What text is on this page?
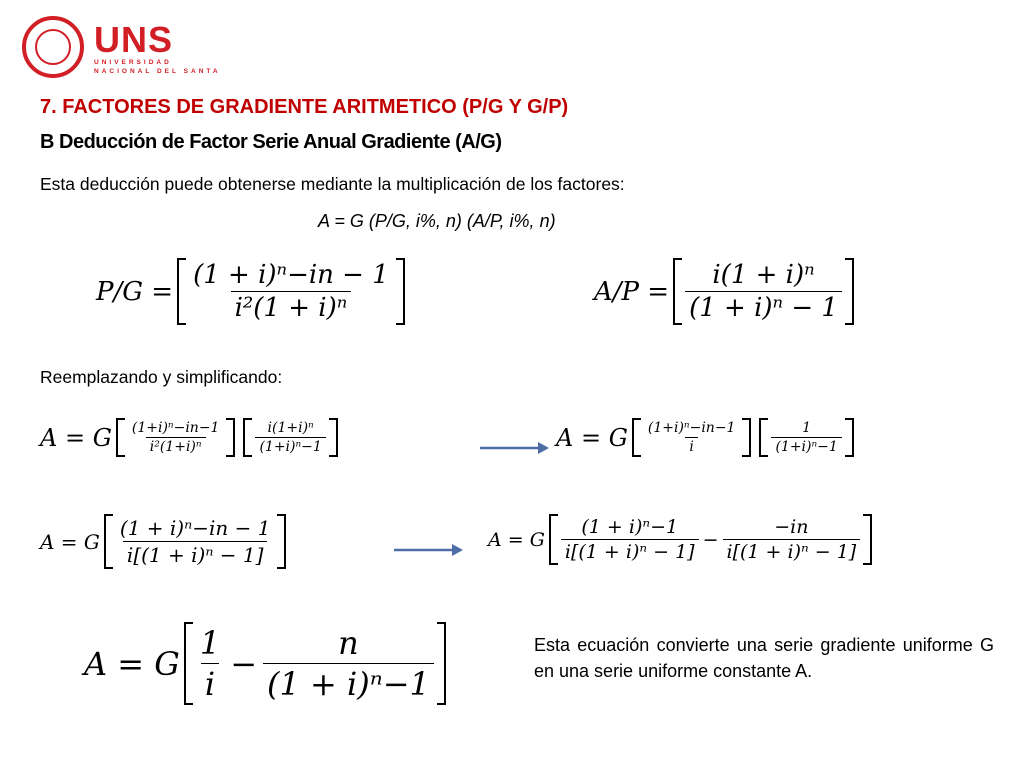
UNS
UNIVERSIDAD
NACIONAL DEL SANTA
7. FACTORES DE GRADIENTE ARITMETICO (P/G Y G/P)
B Deducción de Factor Serie Anual Gradiente (A/G)
Esta deducción puede obtenerse mediante la multiplicación de los factores:
A = G (P/G, i%, n) (A/P, i%, n)
$P/G = \frac{\text{(1 + i)ⁿ−in − 1}}{\text{i²(1 + i)ⁿ}}$	$A/P = \frac{\text{i(1 + i)ⁿ}}{\text{(1 + i)ⁿ − 1}}$
Reemplazando y simplificando:
A = G $\frac{\text{(1+i)ⁿ−in−1}}{\text{i²(1+i)ⁿ}} \frac{\text{i(1+i)ⁿ}}{\text{(1+i)ⁿ−1}}$	A = G $\frac{\text{(1+i)ⁿ−in−1}}{i} \frac{1}{\text{(1+i)ⁿ−1}}$
A = G $\frac{\text{(1 + i)ⁿ−in − 1}}{\text{i[(1 + i)ⁿ − 1]}}$	A = G $\frac{\text{(1 + i)ⁿ−1}}{\text{i[(1 + i)ⁿ − 1]}} - \frac{-in}{\text{i[(1 + i)ⁿ − 1]}}$
A = G $\frac{1}{i} - \frac{n}{\text{(1 + i)ⁿ−1}}$	Esta ecuación convierte una serie gradiente uniforme G en una serie uniforme constante A.
